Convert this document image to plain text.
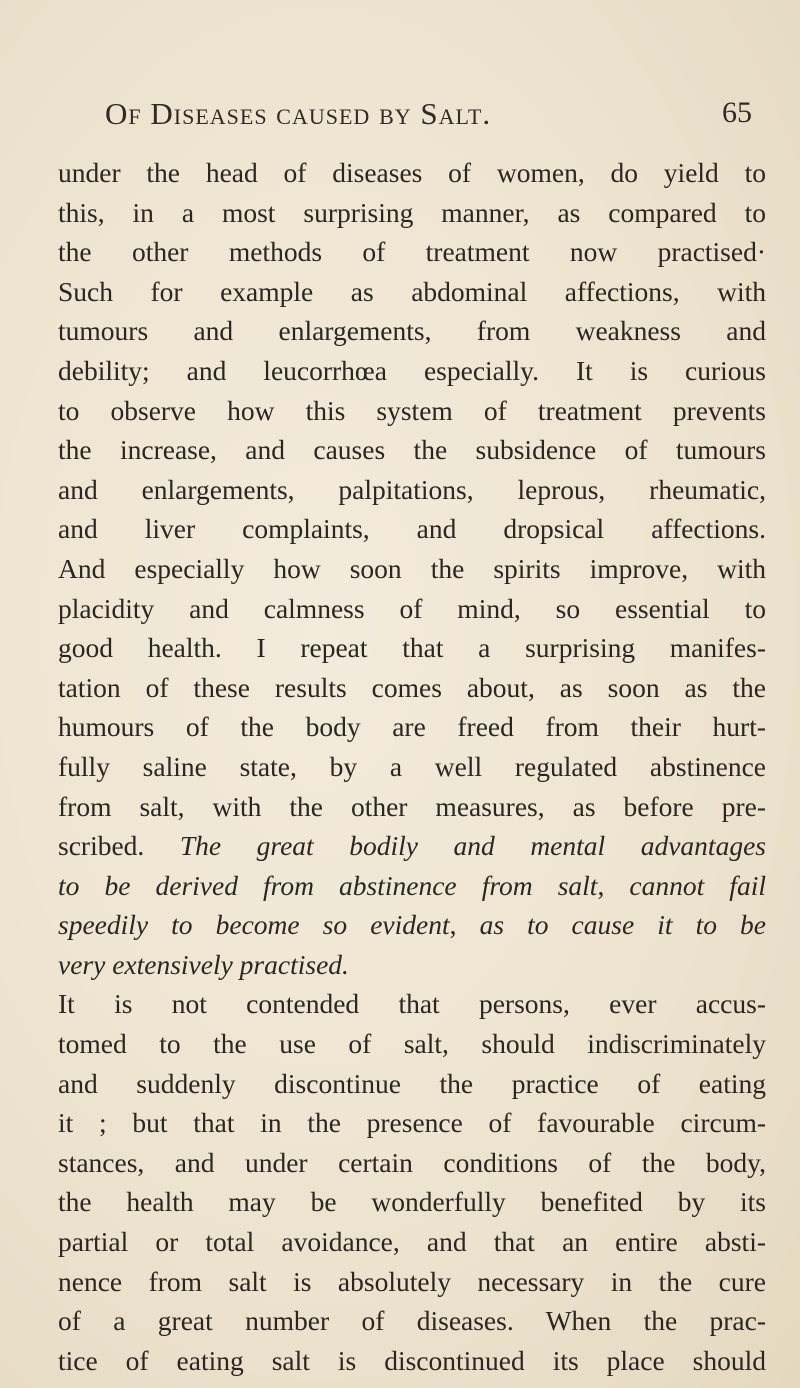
Of Diseases caused by Salt.	65
under the head of diseases of women, do yield to
this, in a most surprising manner, as compared to
the other methods of treatment now practised·
Such for example as abdominal affections, with
tumours and enlargements, from weakness and
debility; and leucorrhœa especially. It is curious
to observe how this system of treatment prevents
the increase, and causes the subsidence of tumours
and enlargements, palpitations, leprous, rheumatic,
and liver complaints, and dropsical affections.
And especially how soon the spirits improve, with
placidity and calmness of mind, so essential to
good health. I repeat that a surprising manifes-
tation of these results comes about, as soon as the
humours of the body are freed from their hurt-
fully saline state, by a well regulated abstinence
from salt, with the other measures, as before pre-
scribed. The great bodily and mental advantages
to be derived from abstinence from salt, cannot fail
speedily to become so evident, as to cause it to be
very extensively practised.
It is not contended that persons, ever accus-
tomed to the use of salt, should indiscriminately
and suddenly discontinue the practice of eating
it ; but that in the presence of favourable circum-
stances, and under certain conditions of the body,
the health may be wonderfully benefited by its
partial or total avoidance, and that an entire absti-
nence from salt is absolutely necessary in the cure
of a great number of diseases. When the prac-
tice of eating salt is discontinued its place should
